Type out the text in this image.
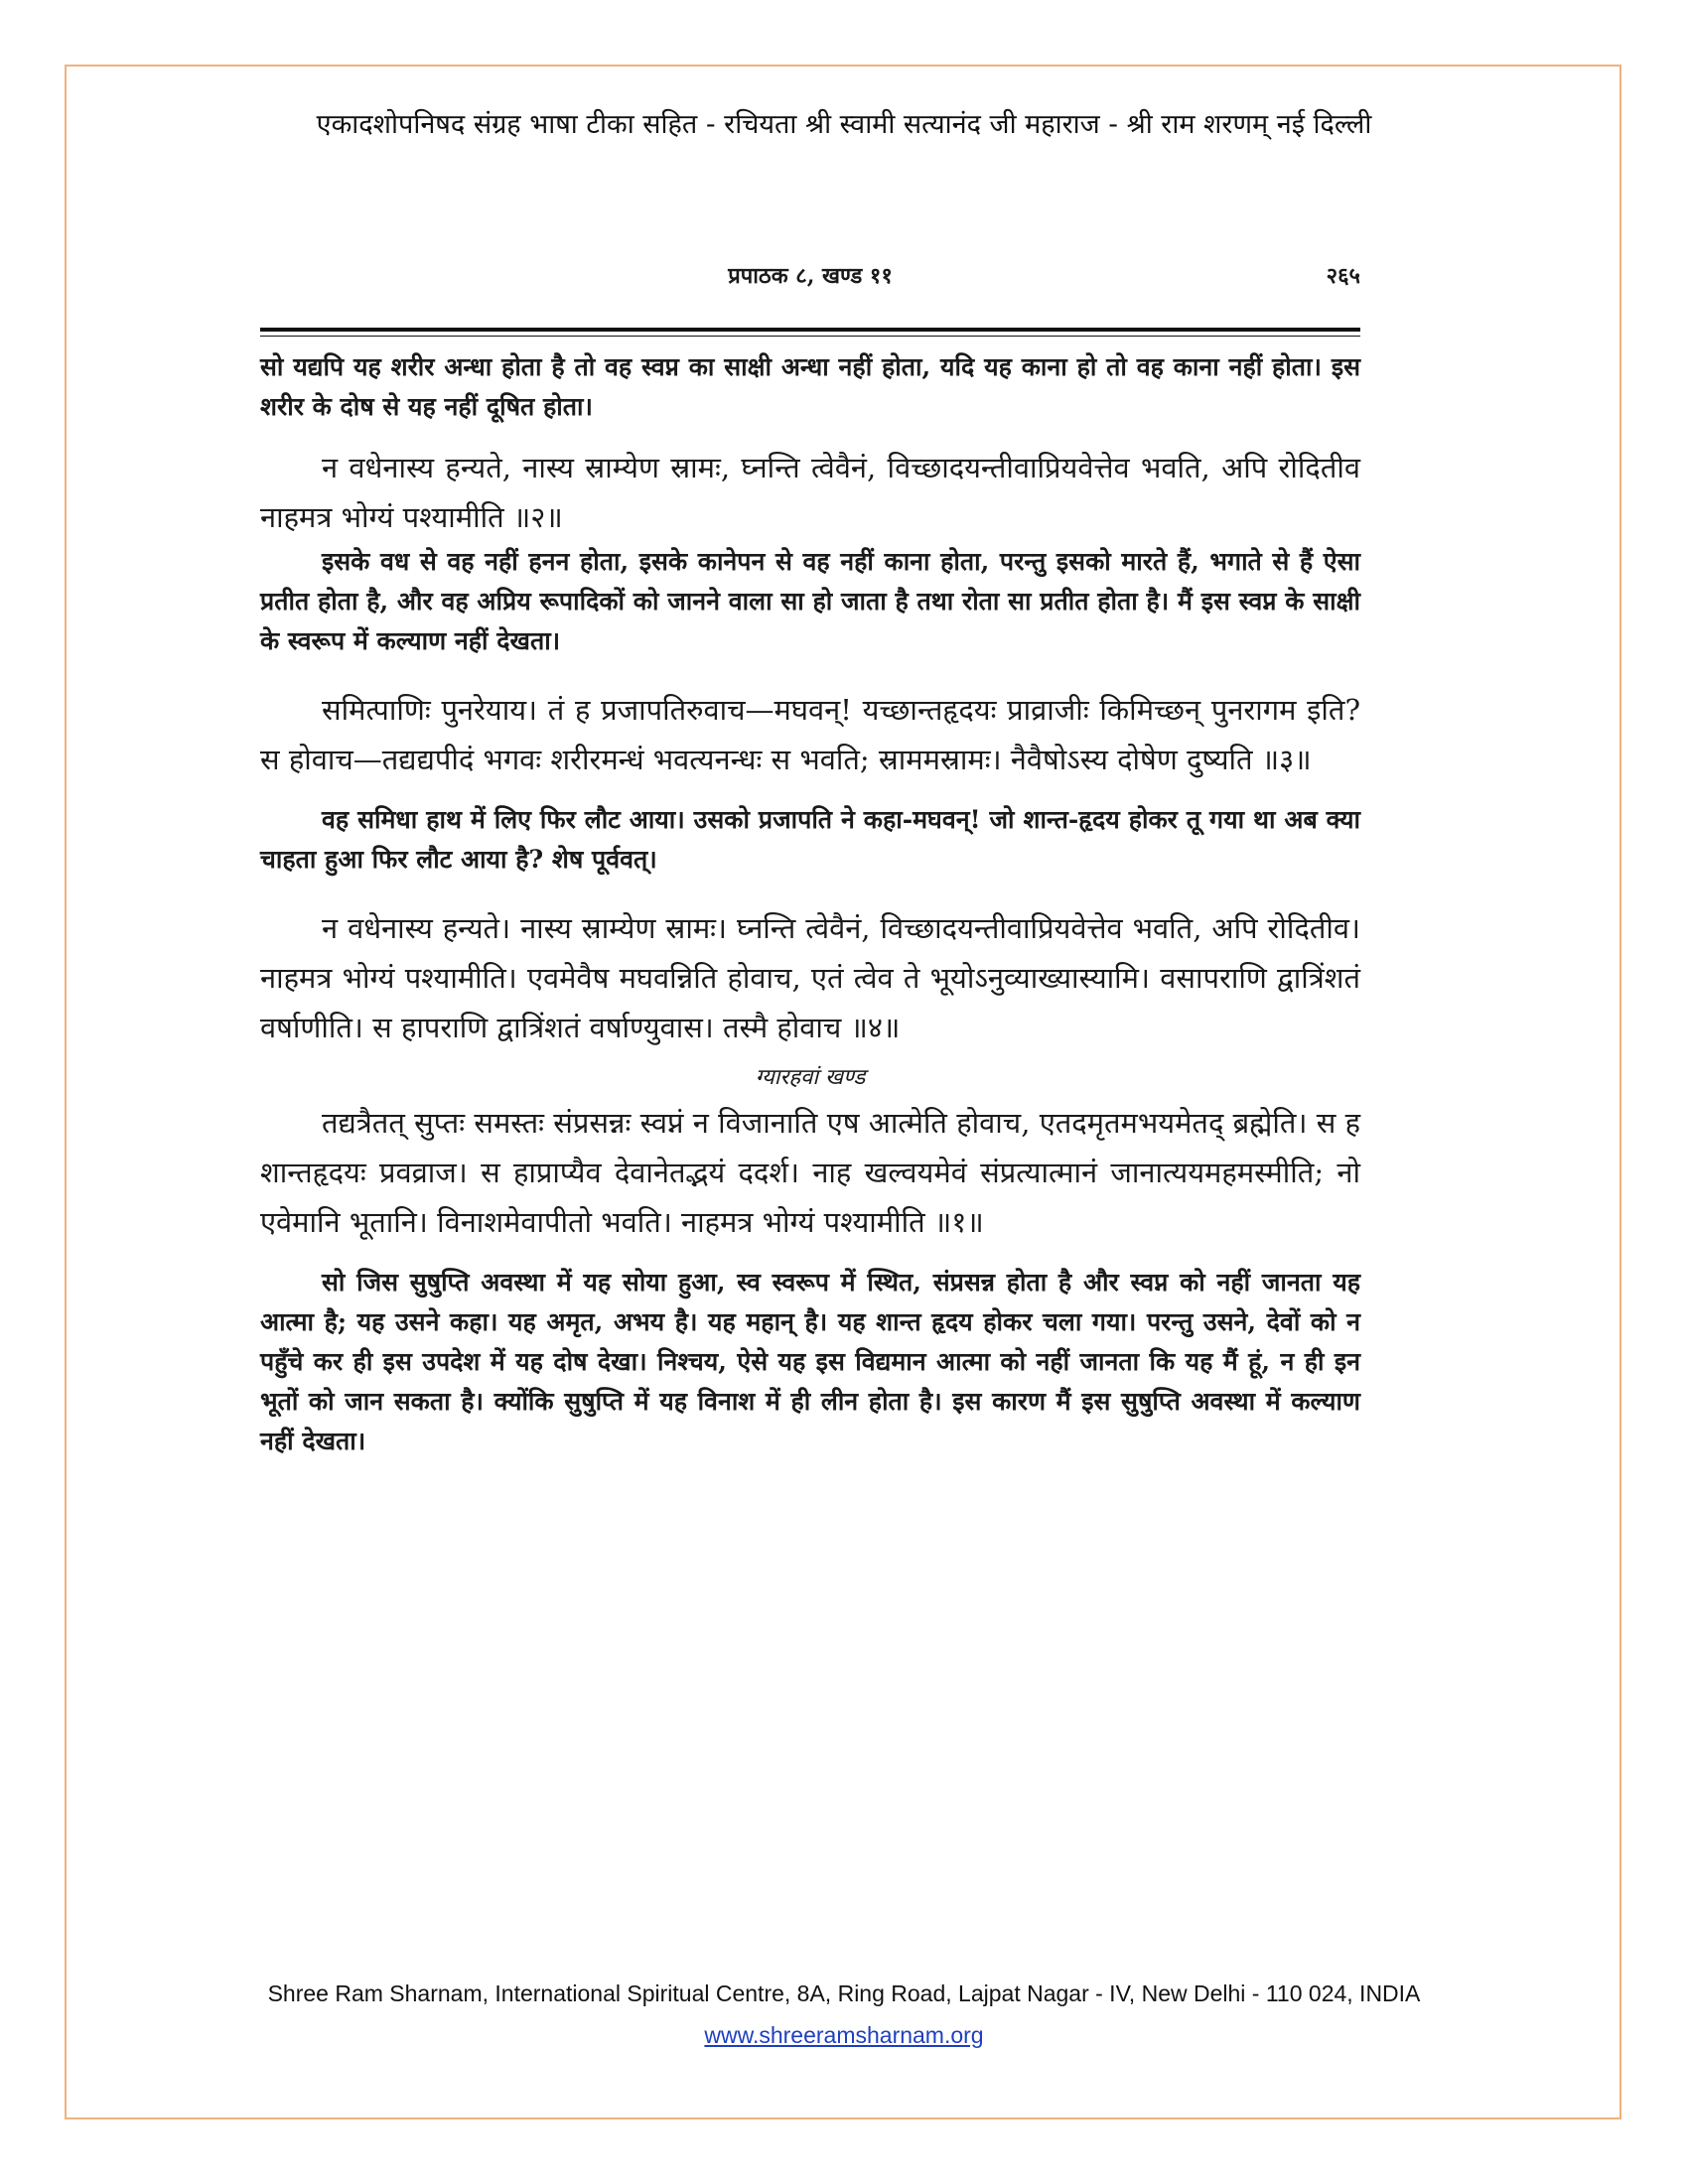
एकादशोपनिषद संग्रह भाषा टीका सहित - रचियता श्री स्वामी सत्यानंद जी महाराज - श्री राम शरणम् नई दिल्ली
प्रपाठक ८, खण्ड ११	२६५

सो यद्यपि यह शरीर अन्धा होता है तो वह स्वप्न का साक्षी अन्धा नहीं होता, यदि यह काना हो तो वह काना नहीं होता। इस शरीर के दोष से यह नहीं दूषित होता।

न वधेनास्य हन्यते, नास्य स्राम्येण स्रामः, घ्नन्ति त्वेवैनं, विच्छादयन्तीवाप्रियवेत्तेव भवति, अपि रोदितीव नाहमत्र भोग्यं पश्यामीति ॥२॥

इसके वध से वह नहीं हनन होता, इसके कानेपन से वह नहीं काना होता, परन्तु इसको मारते हैं, भगाते से हैं ऐसा प्रतीत होता है, और वह अप्रिय रूपादिकों को जानने वाला सा हो जाता है तथा रोता सा प्रतीत होता है। मैं इस स्वप्न के साक्षी के स्वरूप में कल्याण नहीं देखता।

समित्पाणिः पुनरेयाय। तं ह प्रजापतिरुवाच—मघवन्! यच्छान्तहृदयः प्राव्राजीः किमिच्छन् पुनरागम इति? स होवाच—तद्यद्यपीदं भगवः शरीरमन्धं भवत्यनन्धः स भवति; स्राममस्रामः। नैवैषोऽस्य दोषेण दुष्यति ॥३॥

वह समिधा हाथ में लिए फिर लौट आया। उसको प्रजापति ने कहा-मघवन्! जो शान्त-हृदय होकर तू गया था अब क्या चाहता हुआ फिर लौट आया है? शेष पूर्ववत्।

न वधेनास्य हन्यते। नास्य स्राम्येण स्रामः। घ्नन्ति त्वेवैनं, विच्छादयन्तीवाप्रियवेत्तेव भवति, अपि रोदितीव। नाहमत्र भोग्यं पश्यामीति। एवमेवैष मघवन्निति होवाच, एतं त्वेव ते भूयोऽनुव्याख्यास्यामि। वसापराणि द्वात्रिंशतं वर्षाणीति। स हापराणि द्वात्रिंशतं वर्षाण्युवास। तस्मै होवाच ॥४॥

ग्यारहवां खण्ड

तद्यत्रैतत् सुप्तः समस्तः संप्रसन्नः स्वप्नं न विजानाति एष आत्मेति होवाच, एतदमृतमभयमेतद् ब्रह्मेति। स ह शान्तहृदयः प्रवव्राज। स हाप्राप्यैव देवानेतद्भयं ददर्श। नाह खल्वयमेवं संप्रत्यात्मानं जानात्ययमहमस्मीति; नो एवेमानि भूतानि। विनाशमेवापीतो भवति। नाहमत्र भोग्यं पश्यामीति ॥१॥

सो जिस सुषुप्ति अवस्था में यह सोया हुआ, स्व स्वरूप में स्थित, संप्रसन्न होता है और स्वप्न को नहीं जानता यह आत्मा है; यह उसने कहा। यह अमृत, अभय है। यह महान् है। यह शान्त हृदय होकर चला गया। परन्तु उसने, देवों को न पहुँचे कर ही इस उपदेश में यह दोष देखा। निश्चय, ऐसे यह इस विद्यमान आत्मा को नहीं जानता कि यह मैं हूं, न ही इन भूतों को जान सकता है। क्योंकि सुषुप्ति में यह विनाश में ही लीन होता है। इस कारण मैं इस सुषुप्ति अवस्था में कल्याण नहीं देखता।

Shree Ram Sharnam, International Spiritual Centre, 8A, Ring Road, Lajpat Nagar - IV, New Delhi - 110 024, INDIA
www.shreeramsharnam.org
